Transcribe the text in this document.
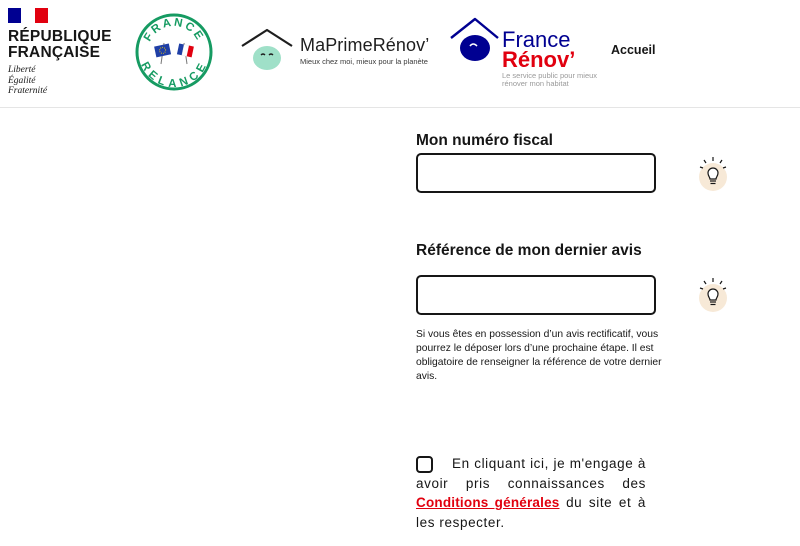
RÉPUBLIQUE
FRANÇAISE
Liberté
Égalité
Fraternité
FRANCE
RELANCE
MaPrimeRénov’
Mieux chez moi, mieux pour la planète
France
Rénov’
Le service public pour mieux rénover mon habitat
Accueil
Mon numéro fiscal
Référence de mon dernier avis

Si vous êtes en possession d’un avis rectificatif, vous pourrez le déposer lors d’une prochaine étape. Il est obligatoire de renseigner la référence de votre dernier avis.

En cliquant ici, je m'engage à avoir pris connaissances des Conditions générales du site et à les respecter.
